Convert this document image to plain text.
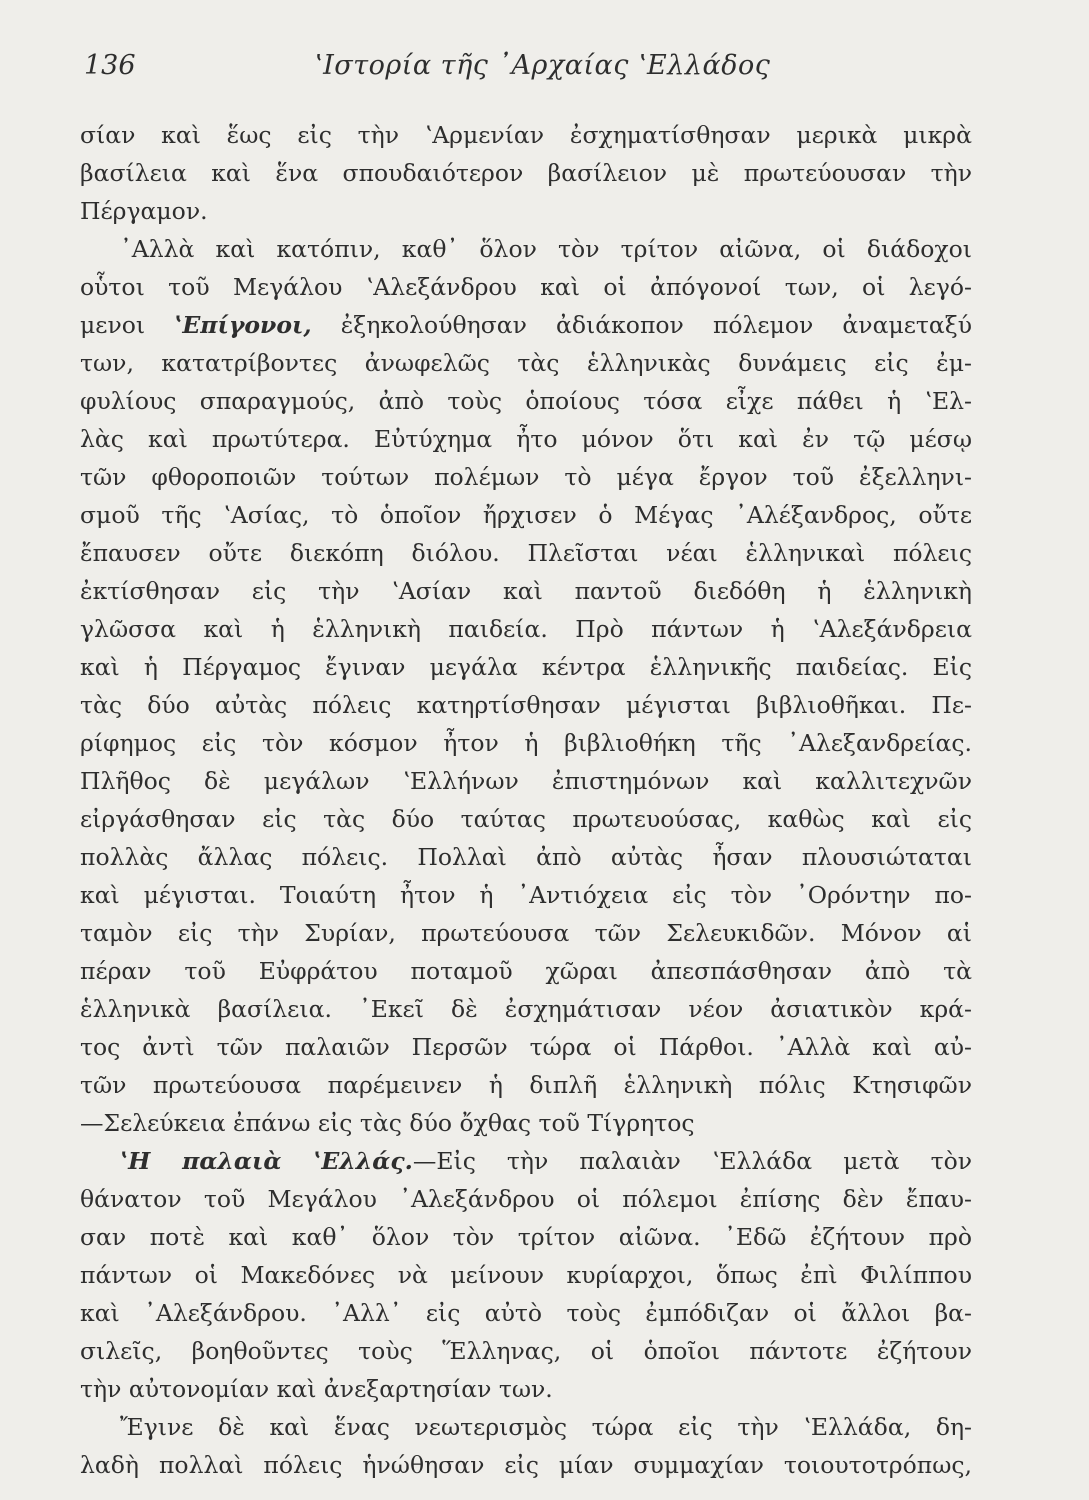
136	ʽΙστορία τῆς ᾽Αρχαίας ʽΕλλάδος
σίαν καὶ ἕως εἰς τὴν ʽΑρμενίαν ἐσχηματίσθησαν μερικὰ μικρὰ
βασίλεια καὶ ἕνα σπουδαιότερον βασίλειον μὲ πρωτεύουσαν τὴν
Πέργαμον.
᾽Αλλὰ καὶ κατόπιν, καθ᾽ ὅλον τὸν τρίτον αἰῶνα, οἱ διάδοχοι
οὗτοι τοῦ Μεγάλου ʽΑλεξάνδρου καὶ οἱ ἀπόγονοί των, οἱ λεγό-
μενοι ʽΕπίγονοι, ἐξηκολούθησαν ἀδιάκοπον πόλεμον ἀναμεταξύ
των, κατατρίβοντες ἀνωφελῶς τὰς ἑλληνικὰς δυνάμεις εἰς ἐμ-
φυλίους σπαραγμούς, ἀπὸ τοὺς ὁποίους τόσα εἶχε πάθει ἡ ʽΕλ-
λὰς καὶ πρωτύτερα. Εὐτύχημα ἦτο μόνον ὅτι καὶ ἐν τῷ μέσῳ
τῶν φθοροποιῶν τούτων πολέμων τὸ μέγα ἔργον τοῦ ἐξελληνι-
σμοῦ τῆς ʽΑσίας, τὸ ὁποῖον ἤρχισεν ὁ Μέγας ᾽Αλέξανδρος, οὔτε
ἔπαυσεν οὔτε διεκόπη διόλου. Πλεῖσται νέαι ἑλληνικαὶ πόλεις
ἐκτίσθησαν εἰς τὴν ʽΑσίαν καὶ παντοῦ διεδόθη ἡ ἑλληνικὴ
γλῶσσα καὶ ἡ ἑλληνικὴ παιδεία. Πρὸ πάντων ἡ ʽΑλεξάνδρεια
καὶ ἡ Πέργαμος ἔγιναν μεγάλα κέντρα ἑλληνικῆς παιδείας. Εἰς
τὰς δύο αὐτὰς πόλεις κατηρτίσθησαν μέγισται βιβλιοθῆκαι. Πε-
ρίφημος εἰς τὸν κόσμον ἦτον ἡ βιβλιοθήκη τῆς ᾽Αλεξανδρείας.
Πλῆθος δὲ μεγάλων ʽΕλλήνων ἐπιστημόνων καὶ καλλιτεχνῶν
εἰργάσθησαν εἰς τὰς δύο ταύτας πρωτευούσας, καθὼς καὶ εἰς
πολλὰς ἄλλας πόλεις. Πολλαὶ ἀπὸ αὐτὰς ἦσαν πλουσιώταται
καὶ μέγισται. Τοιαύτη ἦτον ἡ ᾽Αντιόχεια εἰς τὸν ᾽Ορόντην πο-
ταμὸν εἰς τὴν Συρίαν, πρωτεύουσα τῶν Σελευκιδῶν. Μόνον αἱ
πέραν τοῦ Εὐφράτου ποταμοῦ χῶραι ἀπεσπάσθησαν ἀπὸ τὰ
ἑλληνικὰ βασίλεια. ᾽Εκεῖ δὲ ἐσχημάτισαν νέον ἀσιατικὸν κρά-
τος ἀντὶ τῶν παλαιῶν Περσῶν τώρα οἱ Πάρθοι. ᾽Αλλὰ καὶ αὐ-
τῶν πρωτεύουσα παρέμεινεν ἡ διπλῆ ἑλληνικὴ πόλις Κτησιφῶν
—Σελεύκεια ἐπάνω εἰς τὰς δύο ὄχθας τοῦ Τίγρητος
ʽΗ παλαιὰ ʽΕλλάς.—Εἰς τὴν παλαιὰν ʽΕλλάδα μετὰ τὸν
θάνατον τοῦ Μεγάλου ᾽Αλεξάνδρου οἱ πόλεμοι ἐπίσης δὲν ἔπαυ-
σαν ποτὲ καὶ καθ᾽ ὅλον τὸν τρίτον αἰῶνα. ᾽Εδῶ ἐζήτουν πρὸ
πάντων οἱ Μακεδόνες νὰ μείνουν κυρίαρχοι, ὅπως ἐπὶ Φιλίππου
καὶ ᾽Αλεξάνδρου. ᾽Αλλ᾽ εἰς αὐτὸ τοὺς ἐμπόδιζαν οἱ ἄλλοι βα-
σιλεῖς, βοηθοῦντες τοὺς Ἕλληνας, οἱ ὁποῖοι πάντοτε ἐζήτουν
τὴν αὐτονομίαν καὶ ἀνεξαρτησίαν των.
Ἔγινε δὲ καὶ ἕνας νεωτερισμὸς τώρα εἰς τὴν ʽΕλλάδα, δη-
λαδὴ πολλαὶ πόλεις ἡνώθησαν εἰς μίαν συμμαχίαν τοιουτοτρόπως,
